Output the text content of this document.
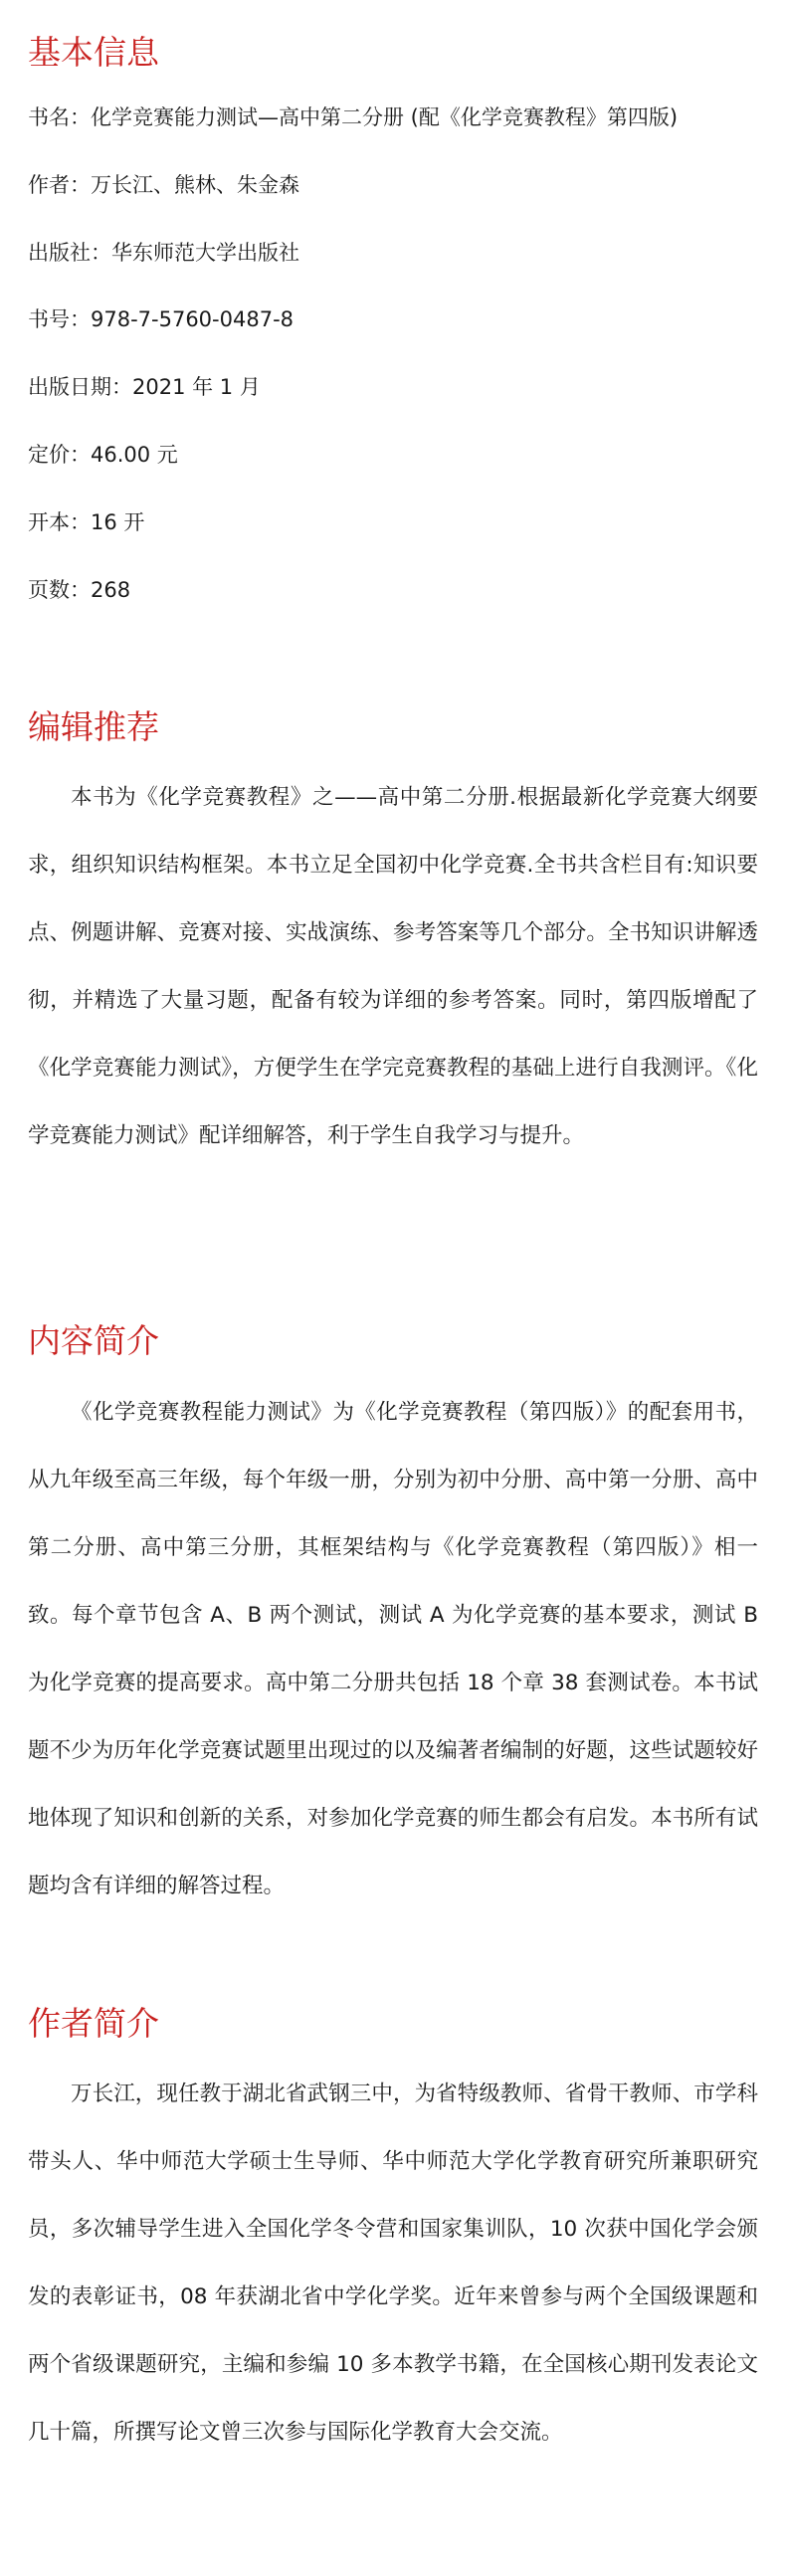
基本信息
书名：化学竞赛能力测试—高中第二分册 (配《化学竞赛教程》第四版)
作者：万长江、熊林、朱金森
出版社：华东师范大学出版社
书号：978-7-5760-0487-8
出版日期：2021 年 1 月
定价：46.00 元
开本：16 开
页数：268
编辑推荐

本书为《化学竞赛教程》之——高中第二分册.根据最新化学竞赛大纲要求，组织知识结构框架。本书立足全国初中化学竞赛.全书共含栏目有:知识要点、例题讲解、竞赛对接、实战演练、参考答案等几个部分。全书知识讲解透彻，并精选了大量习题，配备有较为详细的参考答案。同时，第四版增配了《化学竞赛能力测试》，方便学生在学完竞赛教程的基础上进行自我测评。《化学竞赛能力测试》配详细解答，利于学生自我学习与提升。

内容简介

《化学竞赛教程能力测试》为《化学竞赛教程（第四版）》的配套用书，从九年级至高三年级，每个年级一册，分别为初中分册、高中第一分册、高中第二分册、高中第三分册，其框架结构与《化学竞赛教程（第四版）》相一致。每个章节包含 A、B 两个测试，测试 A 为化学竞赛的基本要求，测试 B 为化学竞赛的提高要求。高中第二分册共包括 18 个章 38 套测试卷。本书试题不少为历年化学竞赛试题里出现过的以及编著者编制的好题，这些试题较好地体现了知识和创新的关系，对参加化学竞赛的师生都会有启发。本书所有试题均含有详细的解答过程。

作者简介

万长江，现任教于湖北省武钢三中，为省特级教师、省骨干教师、市学科带头人、华中师范大学硕士生导师、华中师范大学化学教育研究所兼职研究员，多次辅导学生进入全国化学冬令营和国家集训队，10 次获中国化学会颁发的表彰证书，08 年获湖北省中学化学奖。近年来曾参与两个全国级课题和两个省级课题研究，主编和参编 10 多本教学书籍，在全国核心期刊发表论文几十篇，所撰写论文曾三次参与国际化学教育大会交流。
